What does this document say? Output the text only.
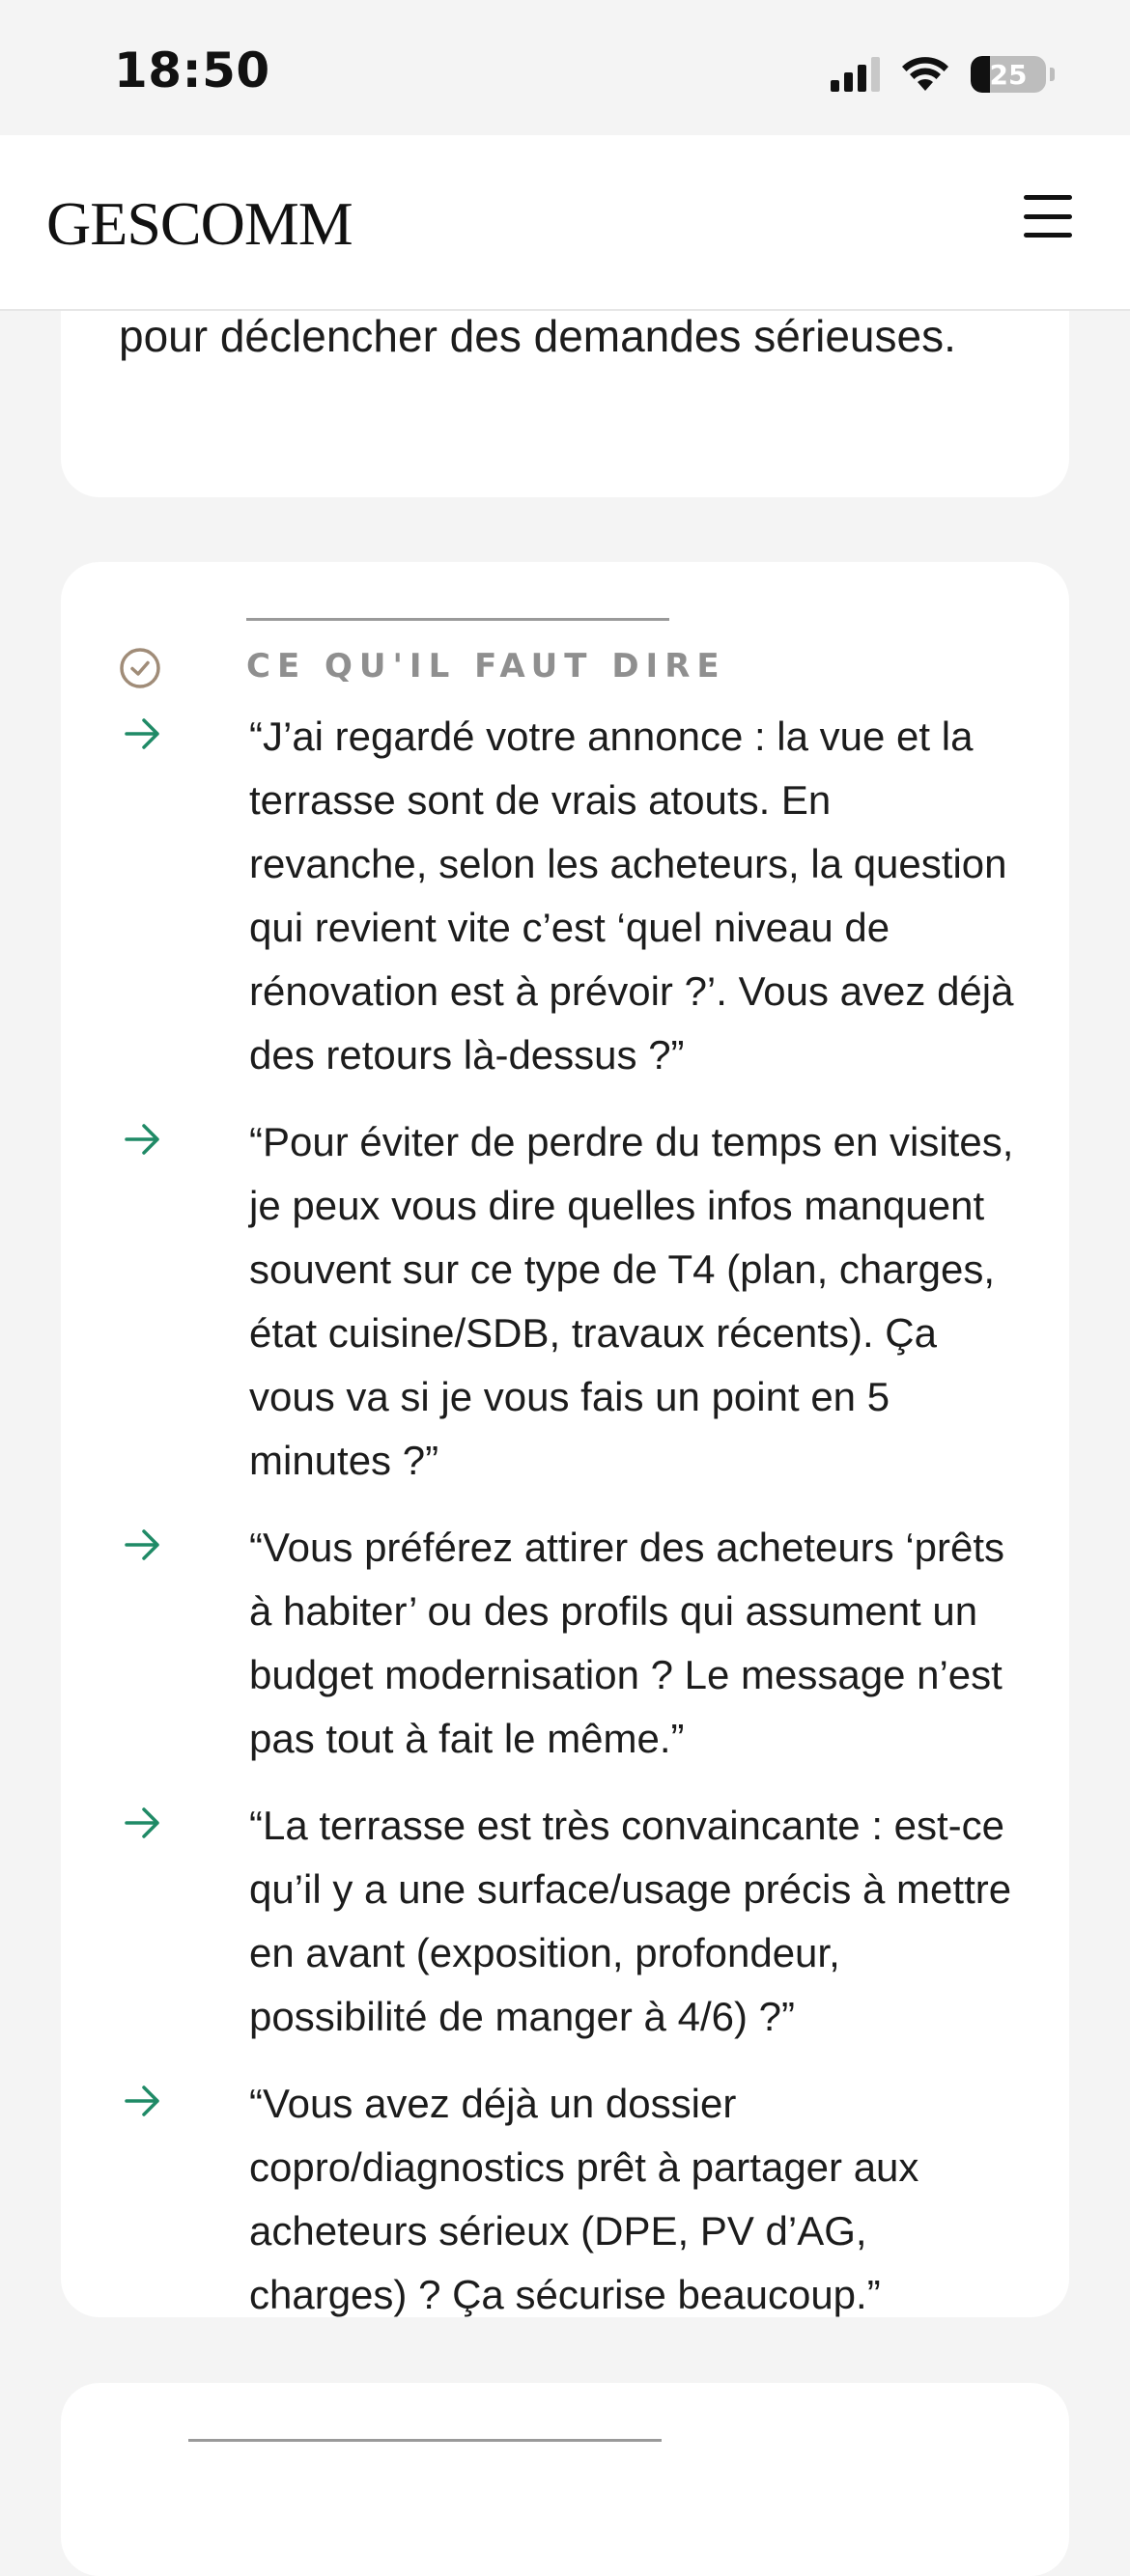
18:50	25
GESCOMM
pour déclencher des demandes sérieuses.
CE QU'IL FAUT DIRE
“J’ai regardé votre annonce : la vue et la terrasse sont de vrais atouts. En revanche, selon les acheteurs, la question qui revient vite c’est ‘quel niveau de rénovation est à prévoir ?’. Vous avez déjà des retours là-dessus ?”
“Pour éviter de perdre du temps en visites, je peux vous dire quelles infos manquent souvent sur ce type de T4 (plan, charges, état cuisine/SDB, travaux récents). Ça vous va si je vous fais un point en 5 minutes ?”
“Vous préférez attirer des acheteurs ‘prêts à habiter’ ou des profils qui assument un budget modernisation ? Le message n’est pas tout à fait le même.”
“La terrasse est très convaincante : est-ce qu’il y a une surface/usage précis à mettre en avant (exposition, profondeur, possibilité de manger à 4/6) ?”
“Vous avez déjà un dossier copro/diagnostics prêt à partager aux acheteurs sérieux (DPE, PV d’AG, charges) ? Ça sécurise beaucoup.”
